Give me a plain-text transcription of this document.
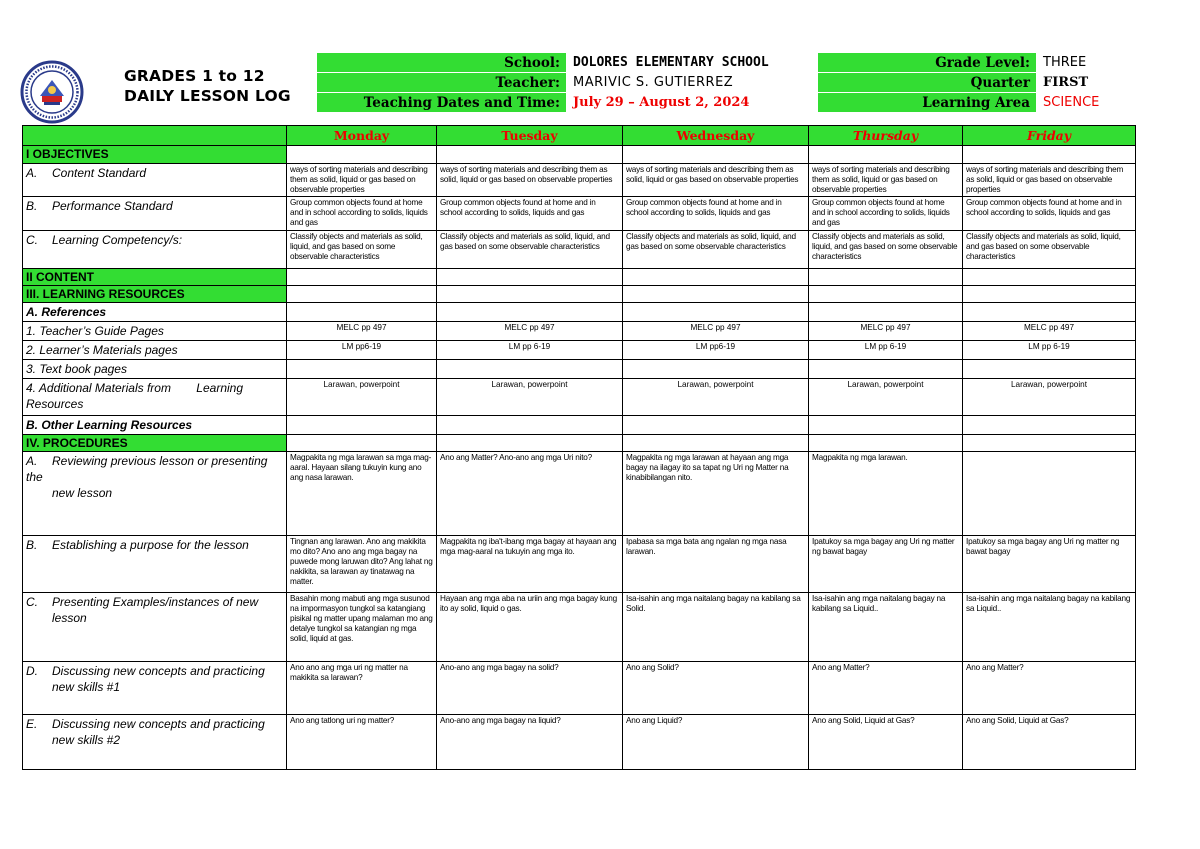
GRADES 1 to 12
DAILY LESSON LOG
School:	DOLORES ELEMENTARY SCHOOL
Teacher:	MARIVIC S. GUTIERREZ
Teaching Dates and Time:	July 29 – August 2, 2024
Grade Level:	THREE
Quarter	FIRST
Learning Area	SCIENCE
	Monday	Tuesday	Wednesday	Thursday	Friday
I OBJECTIVES					
A. Content Standard	ways of sorting materials and describing them as solid, liquid or gas based on observable properties	ways of sorting materials and describing them as solid, liquid or gas based on observable properties	ways of sorting materials and describing them as solid, liquid or gas based on observable properties	ways of sorting materials and describing them as solid, liquid or gas based on observable properties	ways of sorting materials and describing them as solid, liquid or gas based on observable properties
B. Performance Standard	Group common objects found at home and in school according to solids, liquids and gas	Group common objects found at home and in school according to solids, liquids and gas	Group common objects found at home and in school according to solids, liquids and gas	Group common objects found at home and in school according to solids, liquids and gas	Group common objects found at home and in school according to solids, liquids and gas
C. Learning Competency/s:	Classify objects and materials as solid, liquid, and gas based on some observable characteristics	Classify objects and materials as solid, liquid, and gas based on some observable characteristics	Classify objects and materials as solid, liquid, and gas based on some observable characteristics	Classify objects and materials as solid, liquid, and gas based on some observable characteristics	Classify objects and materials as solid, liquid, and gas based on some observable characteristics
II CONTENT					
III. LEARNING RESOURCES					
A. References					
1. Teacher’s Guide Pages	MELC pp 497	MELC pp 497	MELC pp 497	MELC pp 497	MELC pp 497
2. Learner’s Materials pages	LM pp6-19	LM pp 6-19	LM pp6-19	LM pp 6-19	LM pp 6-19
3. Text book pages					
4. Additional Materials from Learning
Resources	Larawan, powerpoint	Larawan, powerpoint	Larawan, powerpoint	Larawan, powerpoint	Larawan, powerpoint
B. Other Learning Resources					
IV. PROCEDURES					
A. Reviewing previous lesson or presenting the
new lesson	Magpakita ng mga larawan sa mga mag-aaral. Hayaan silang tukuyin kung ano ang nasa larawan.	Ano ang Matter? Ano-ano ang mga Uri nito?	Magpakita ng mga larawan at hayaan ang mga bagay na ilagay ito sa tapat ng Uri ng Matter na kinabibilangan nito.	Magpakita ng mga larawan.	
B. Establishing a purpose for the lesson	Tingnan ang larawan. Ano ang makikita mo dito? Ano ano ang mga bagay na puwede mong laruwan dito? Ang lahat ng nakikita, sa larawan ay tinatawag na matter.	Magpakita ng iba't-ibang mga bagay at hayaan ang mga mag-aaral na tukuyin ang mga ito.	Ipabasa sa mga bata ang ngalan ng mga nasa larawan.	Ipatukoy sa mga bagay ang Uri ng matter ng bawat bagay	Ipatukoy sa mga bagay ang Uri ng matter ng bawat bagay
C. Presenting Examples/instances of new
lesson	Basahin mong mabuti ang mga susunod na impormasyon tungkol sa katangiang pisikal ng matter upang malaman mo ang detalye tungkol sa katangian ng mga solid, liquid at gas.	Hayaan ang mga aba na uriin ang mga bagay kung ito ay solid, liquid o gas.	Isa-isahin ang mga naitalang bagay na kabilang sa Solid.	Isa-isahin ang mga naitalang bagay na kabilang sa Liquid..	Isa-isahin ang mga naitalang bagay na kabilang sa Liquid..
D. Discussing new concepts and practicing
new skills #1	Ano ano ang mga uri ng matter na makikita sa larawan?	Ano-ano ang mga bagay na solid?	Ano ang Solid?	Ano ang Matter?	Ano ang Matter?
E. Discussing new concepts and practicing
new skills #2	Ano ang tatlong uri ng matter?	Ano-ano ang mga bagay na liquid?	Ano ang Liquid?	Ano ang Solid, Liquid at Gas?	Ano ang Solid, Liquid at Gas?
